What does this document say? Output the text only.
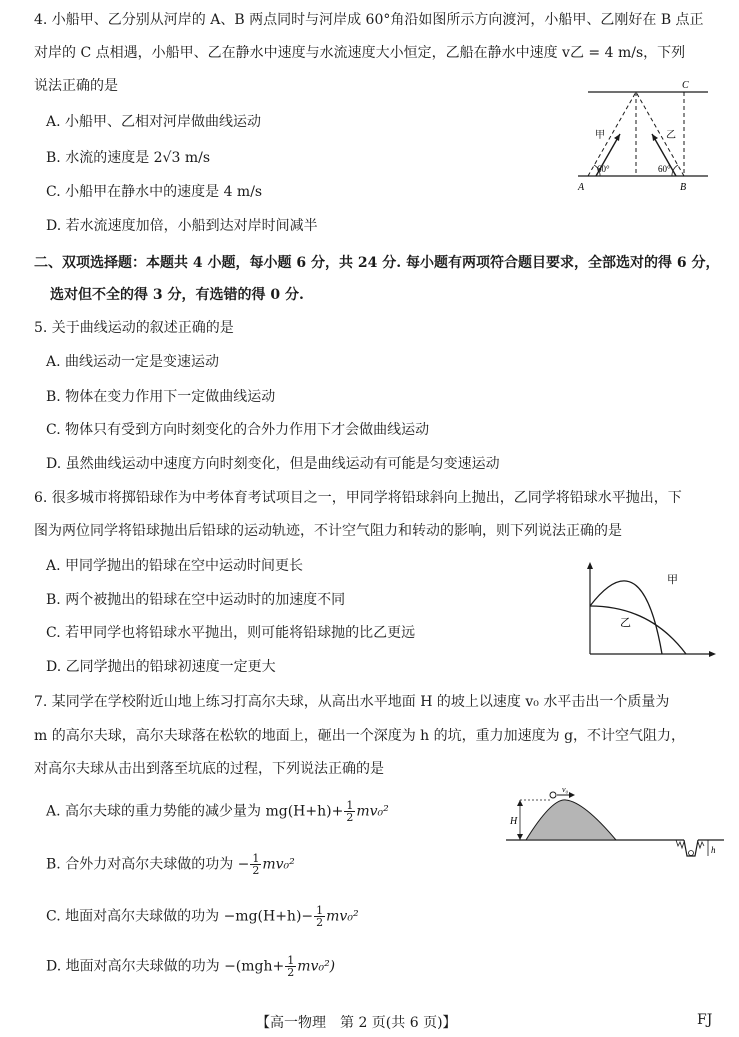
4. 小船甲、乙分别从河岸的 A、B 两点同时与河岸成 60°角沿如图所示方向渡河，小船甲、乙刚好在 B 点正
对岸的 C 点相遇，小船甲、乙在静水中速度与水流速度大小恒定，乙船在静水中速度 v乙 = 4 m/s，下列
说法正确的是
A. 小船甲、乙相对河岸做曲线运动
B. 水流的速度是 2√3 m/s
C. 小船甲在静水中的速度是 4 m/s
D. 若水流速度加倍，小船到达对岸时间减半
C
A	B
甲	乙
60°	60°
二、双项选择题：本题共 4 小题，每小题 6 分，共 24 分. 每小题有两项符合题目要求，全部选对的得 6 分，
选对但不全的得 3 分，有选错的得 0 分.
5. 关于曲线运动的叙述正确的是
A. 曲线运动一定是变速运动
B. 物体在变力作用下一定做曲线运动
C. 物体只有受到方向时刻变化的合外力作用下才会做曲线运动
D. 虽然曲线运动中速度方向时刻变化，但是曲线运动有可能是匀变速运动
6. 很多城市将掷铅球作为中考体育考试项目之一，甲同学将铅球斜向上抛出，乙同学将铅球水平抛出，下
图为两位同学将铅球抛出后铅球的运动轨迹，不计空气阻力和转动的影响，则下列说法正确的是
A. 甲同学抛出的铅球在空中运动时间更长
B. 两个被抛出的铅球在空中运动时的加速度不同
C. 若甲同学也将铅球水平抛出，则可能将铅球抛的比乙更远
D. 乙同学抛出的铅球初速度一定更大
甲
乙
7. 某同学在学校附近山地上练习打高尔夫球，从高出水平地面 H 的坡上以速度 v₀ 水平击出一个质量为
m 的高尔夫球，高尔夫球落在松软的地面上，砸出一个深度为 h 的坑，重力加速度为 g，不计空气阻力，
对高尔夫球从击出到落至坑底的过程，下列说法正确的是
A. 高尔夫球的重力势能的减少量为 $mg(H+h)+ \frac{1}{2} mv_0^2$
B. 合外力对高尔夫球做的功为 − $\frac{1}{2} mv_0^2$
C. 地面对高尔夫球做的功为 $-mg(H+h)- \frac{1}{2} mv_0^2$
D. 地面对高尔夫球做的功为 $-(mgh+ \frac{1}{2} mv_0^2)$
v₀
H
h
【高一物理　第 2 页(共 6 页)】	FJ
